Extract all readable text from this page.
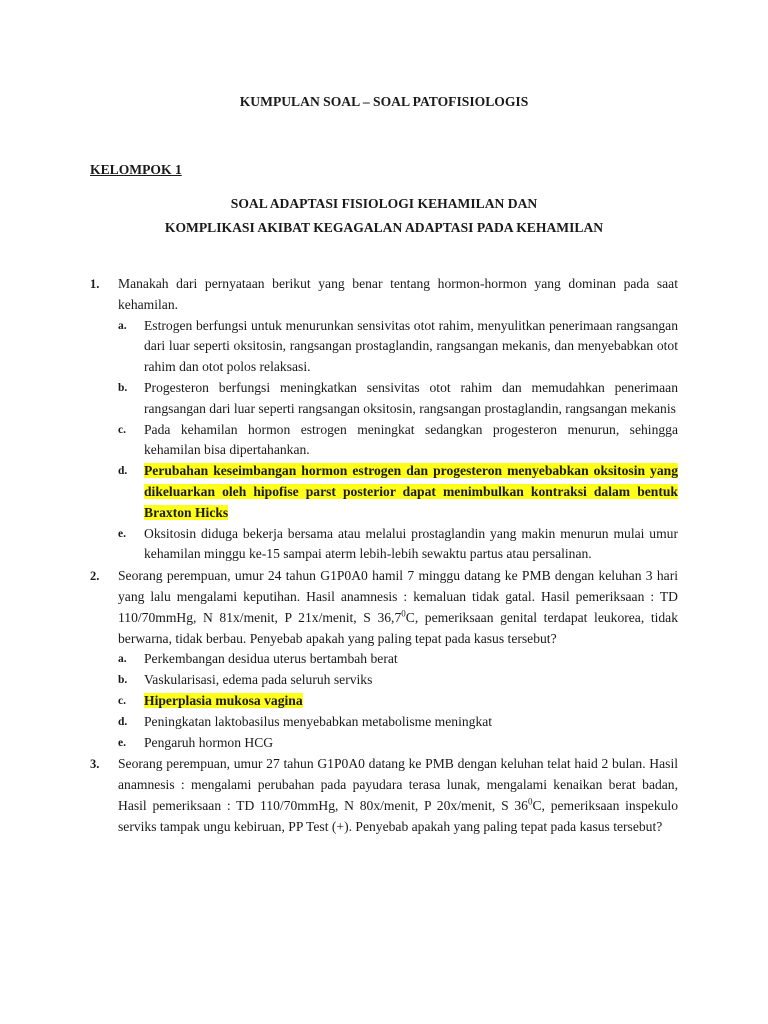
KUMPULAN SOAL – SOAL PATOFISIOLOGIS
KELOMPOK 1
SOAL ADAPTASI FISIOLOGI KEHAMILAN DAN
KOMPLIKASI AKIBAT KEGAGALAN ADAPTASI PADA KEHAMILAN
1. Manakah dari pernyataan berikut yang benar tentang hormon-hormon yang dominan pada saat kehamilan.
a. Estrogen berfungsi untuk menurunkan sensivitas otot rahim, menyulitkan penerimaan rangsangan dari luar seperti oksitosin, rangsangan prostaglandin, rangsangan mekanis, dan menyebabkan otot rahim dan otot polos relaksasi.
b. Progesteron berfungsi meningkatkan sensivitas otot rahim dan memudahkan penerimaan rangsangan dari luar seperti rangsangan oksitosin, rangsangan prostaglandin, rangsangan mekanis
c. Pada kehamilan hormon estrogen meningkat sedangkan progesteron menurun, sehingga kehamilan bisa dipertahankan.
d. Perubahan keseimbangan hormon estrogen dan progesteron menyebabkan oksitosin yang dikeluarkan oleh hipofise parst posterior dapat menimbulkan kontraksi dalam bentuk Braxton Hicks
e. Oksitosin diduga bekerja bersama atau melalui prostaglandin yang makin menurun mulai umur kehamilan minggu ke-15 sampai aterm lebih-lebih sewaktu partus atau persalinan.
2. Seorang perempuan, umur 24 tahun G1P0A0 hamil 7 minggu datang ke PMB dengan keluhan 3 hari yang lalu mengalami keputihan. Hasil anamnesis : kemaluan tidak gatal. Hasil pemeriksaan : TD 110/70mmHg, N 81x/menit, P 21x/menit, S 36,7$^0$C, pemeriksaan genital terdapat leukorea, tidak berwarna, tidak berbau. Penyebab apakah yang paling tepat pada kasus tersebut?
a. Perkembangan desidua uterus bertambah berat
b. Vaskularisasi, edema pada seluruh serviks
c. Hiperplasia mukosa vagina
d. Peningkatan laktobasilus menyebabkan metabolisme meningkat
e. Pengaruh hormon HCG
3. Seorang perempuan, umur 27 tahun G1P0A0 datang ke PMB dengan keluhan telat haid 2 bulan. Hasil anamnesis : mengalami perubahan pada payudara terasa lunak, mengalami kenaikan berat badan, Hasil pemeriksaan : TD 110/70mmHg, N 80x/menit, P 20x/menit, S $36^0C$, pemeriksaan inspekulo serviks tampak ungu kebiruan, PP Test (+). Penyebab apakah yang paling tepat pada kasus tersebut?
